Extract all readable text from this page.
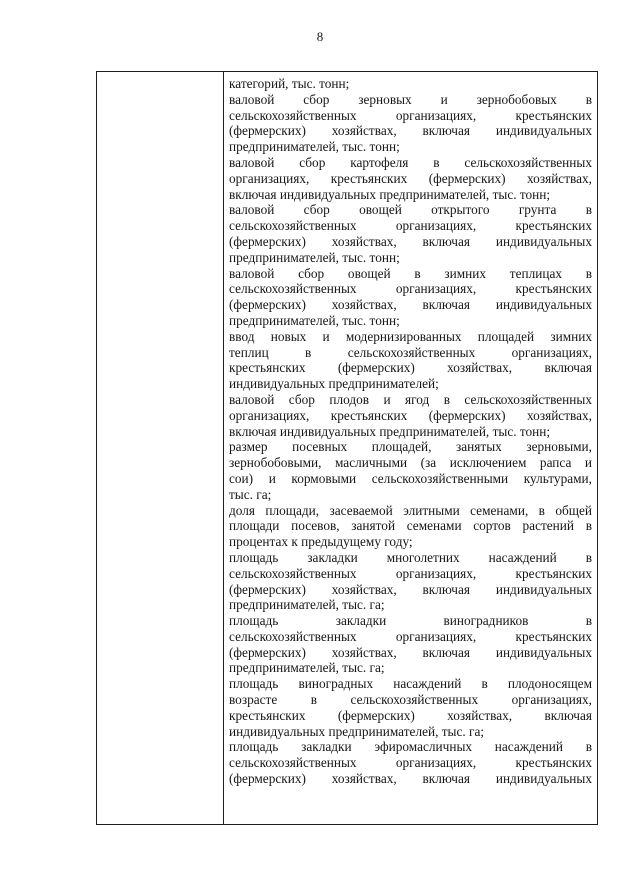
8
категорий, тыс. тонн;
валовой сбор зерновых и зернобобовых в
сельскохозяйственных организациях, крестьянских
(фермерских) хозяйствах, включая индивидуальных
предпринимателей, тыс. тонн;
валовой сбор картофеля в сельскохозяйственных
организациях, крестьянских (фермерских) хозяйствах,
включая индивидуальных предпринимателей, тыс. тонн;
валовой сбор овощей открытого грунта в
сельскохозяйственных организациях, крестьянских
(фермерских) хозяйствах, включая индивидуальных
предпринимателей, тыс. тонн;
валовой сбор овощей в зимних теплицах в
сельскохозяйственных организациях, крестьянских
(фермерских) хозяйствах, включая индивидуальных
предпринимателей, тыс. тонн;
ввод новых и модернизированных площадей зимних
теплиц в сельскохозяйственных организациях,
крестьянских (фермерских) хозяйствах, включая
индивидуальных предпринимателей;
валовой сбор плодов и ягод в сельскохозяйственных
организациях, крестьянских (фермерских) хозяйствах,
включая индивидуальных предпринимателей, тыс. тонн;
размер посевных площадей, занятых зерновыми,
зернобобовыми, масличными (за исключением рапса и
сои) и кормовыми сельскохозяйственными культурами,
тыс. га;
доля площади, засеваемой элитными семенами, в общей
площади посевов, занятой семенами сортов растений в
процентах к предыдущему году;
площадь закладки многолетних насаждений в
сельскохозяйственных организациях, крестьянских
(фермерских) хозяйствах, включая индивидуальных
предпринимателей, тыс. га;
площадь закладки виноградников в
сельскохозяйственных организациях, крестьянских
(фермерских) хозяйствах, включая индивидуальных
предпринимателей, тыс. га;
площадь виноградных насаждений в плодоносящем
возрасте в сельскохозяйственных организациях,
крестьянских (фермерских) хозяйствах, включая
индивидуальных предпринимателей, тыс. га;
площадь закладки эфиромасличных насаждений в
сельскохозяйственных организациях, крестьянских
(фермерских) хозяйствах, включая индивидуальных
